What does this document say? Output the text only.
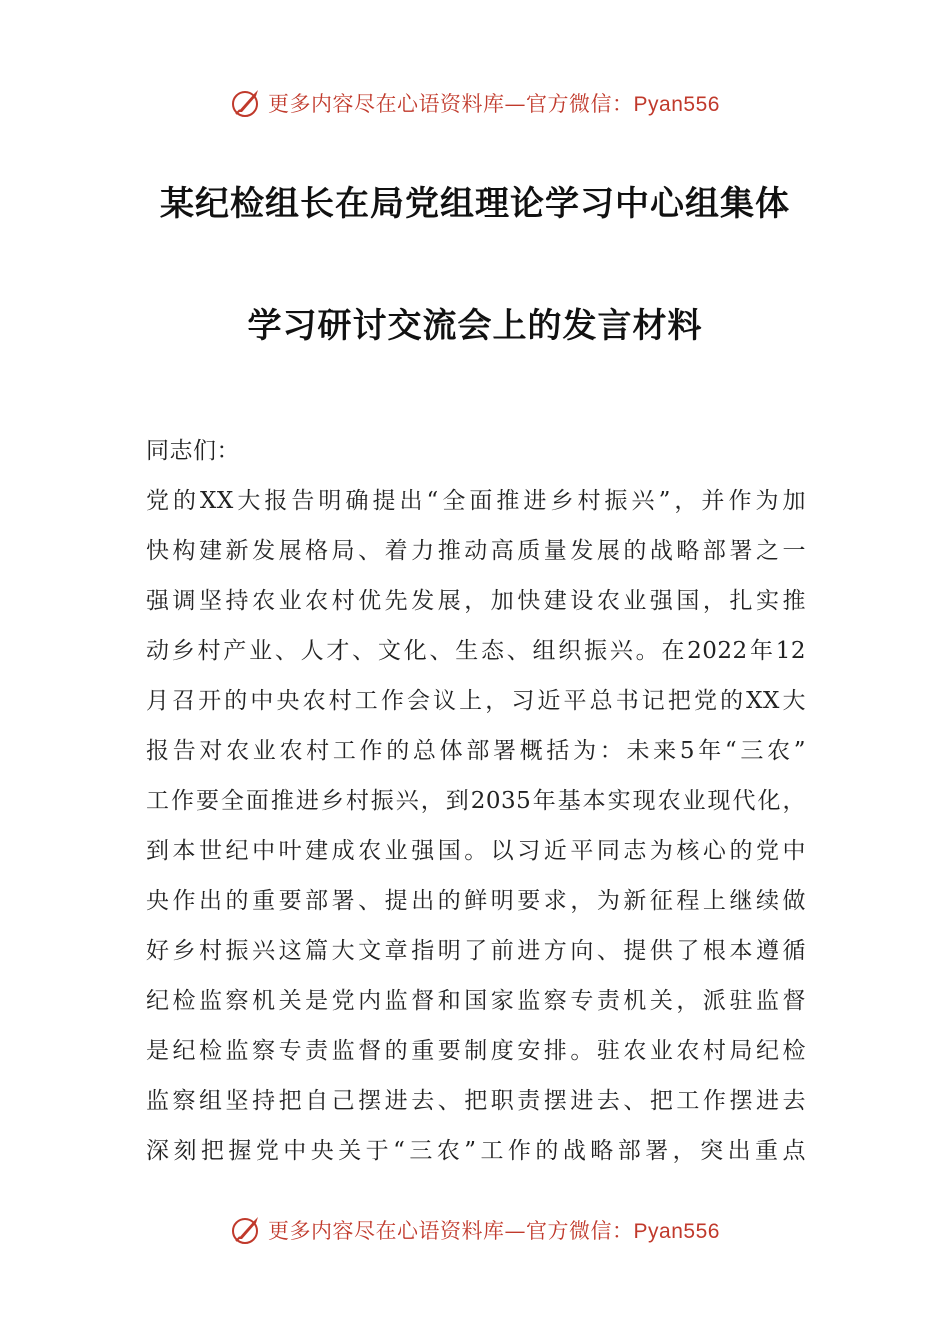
更多内容尽在心语资料库—官方微信：Pyan556
某纪检组长在局党组理论学习中心组集体
学习研讨交流会上的发言材料
同志们：
党的XX大报告明确提出“全面推进乡村振兴”，并作为加
快构建新发展格局、着力推动高质量发展的战略部署之一
强调坚持农业农村优先发展，加快建设农业强国，扎实推
动乡村产业、人才、文化、生态、组织振兴。在2022年12
月召开的中央农村工作会议上，习近平总书记把党的XX大
报告对农业农村工作的总体部署概括为：未来5年“三农”
工作要全面推进乡村振兴，到2035年基本实现农业现代化，
到本世纪中叶建成农业强国。以习近平同志为核心的党中
央作出的重要部署、提出的鲜明要求，为新征程上继续做
好乡村振兴这篇大文章指明了前进方向、提供了根本遵循
纪检监察机关是党内监督和国家监察专责机关，派驻监督
是纪检监察专责监督的重要制度安排。驻农业农村局纪检
监察组坚持把自己摆进去、把职责摆进去、把工作摆进去
深刻把握党中央关于“三农”工作的战略部署，突出重点
更多内容尽在心语资料库—官方微信：Pyan556
